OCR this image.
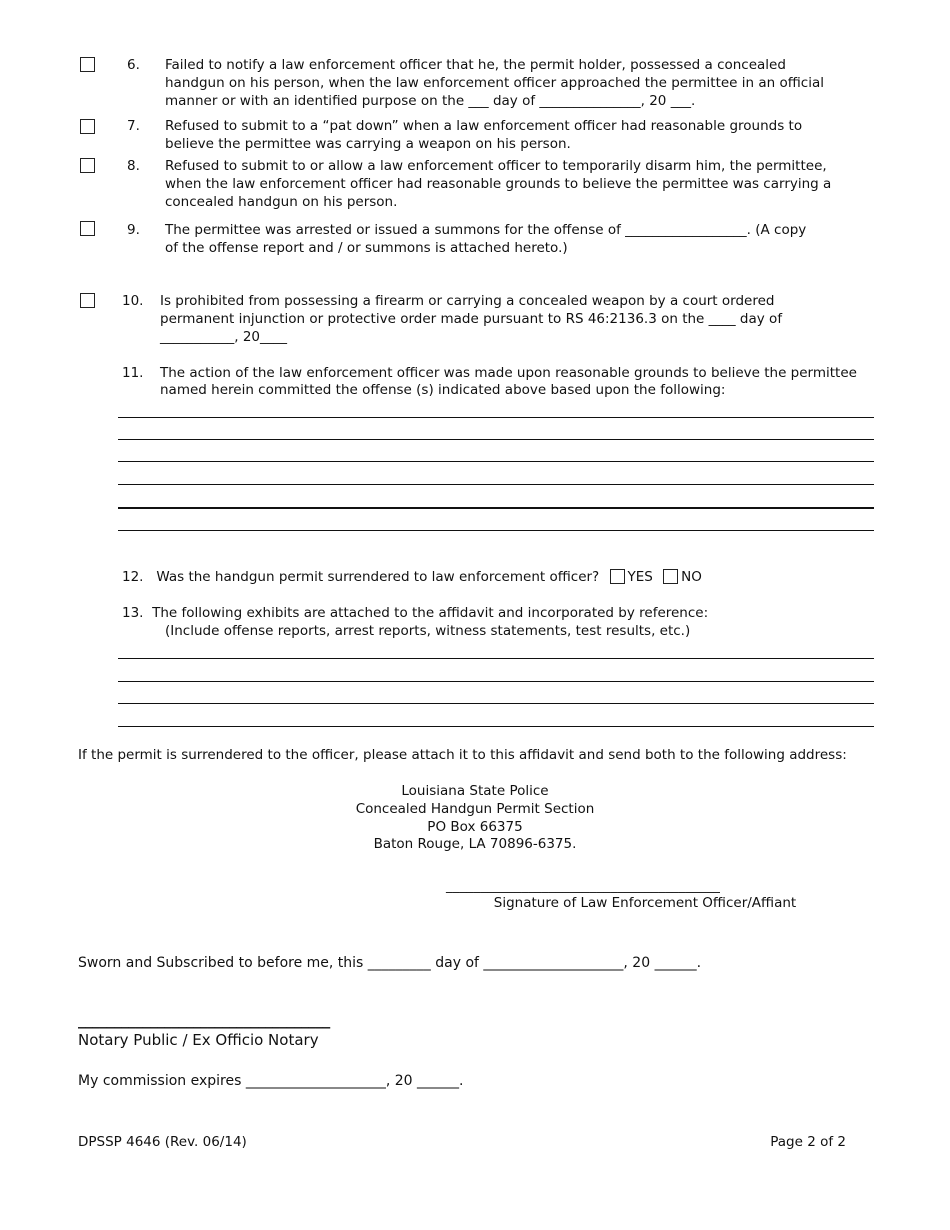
6.	Failed to notify a law enforcement officer that he, the permit holder, possessed a concealed
handgun on his person, when the law enforcement officer approached the permittee in an official
manner or with an identified purpose on the ___ day of _______________, 20 ___.
7.	Refused to submit to a “pat down” when a law enforcement officer had reasonable grounds to
believe the permittee was carrying a weapon on his person.
8.	Refused to submit to or allow a law enforcement officer to temporarily disarm him, the permittee,
when the law enforcement officer had reasonable grounds to believe the permittee was carrying a
concealed handgun on his person.
9.	The permittee was arrested or issued a summons for the offense of __________________. (A copy
of the offense report and / or summons is attached hereto.)
10.	Is prohibited from possessing a firearm or carrying a concealed weapon by a court ordered
permanent injunction or protective order made pursuant to RS 46:2136.3 on the ____ day of
___________, 20____
11.	The action of the law enforcement officer was made upon reasonable grounds to believe the permittee
named herein committed the offense (s) indicated above based upon the following:
12. Was the handgun permit surrendered to law enforcement officer? YES NO
13. The following exhibits are attached to the affidavit and incorporated by reference:
(Include offense reports, arrest reports, witness statements, test results, etc.)
If the permit is surrendered to the officer, please attach it to this affidavit and send both to the following address:
Louisiana State Police
Concealed Handgun Permit Section
PO Box 66375
Baton Rouge, LA 70896-6375.
________________________________________
Signature of Law Enforcement Officer/Affiant
Sworn and Subscribed to before me, this _________ day of ____________________, 20 ______.
___________________________________
Notary Public / Ex Officio Notary
My commission expires ____________________, 20 ______.
DPSSP 4646 (Rev. 06/14)	Page 2 of 2
